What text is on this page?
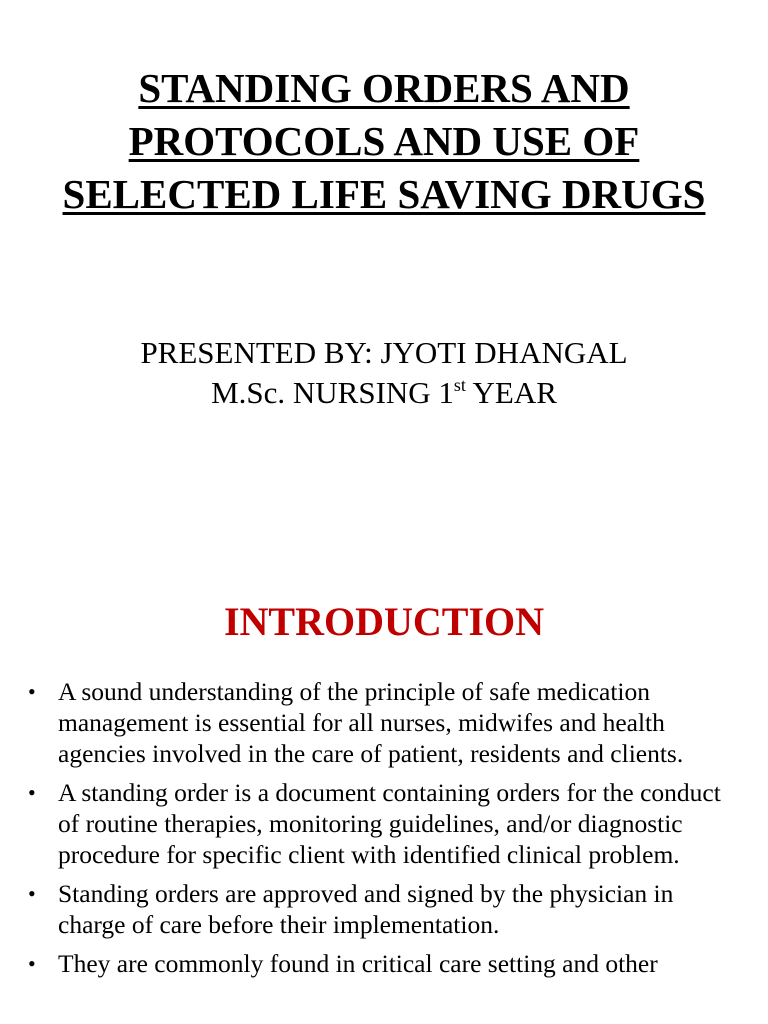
STANDING ORDERS AND
PROTOCOLS AND USE OF
SELECTED LIFE SAVING DRUGS
PRESENTED BY: JYOTI DHANGAL
M.Sc. NURSING 1st YEAR
INTRODUCTION
• A sound understanding of the principle of safe medication management is essential for all nurses, midwifes and health agencies involved in the care of patient, residents and clients.
• A standing order is a document containing orders for the conduct of routine therapies, monitoring guidelines, and/or diagnostic procedure for specific client with identified clinical problem.
• Standing orders are approved and signed by the physician in charge of care before their implementation.
• They are commonly found in critical care setting and other
